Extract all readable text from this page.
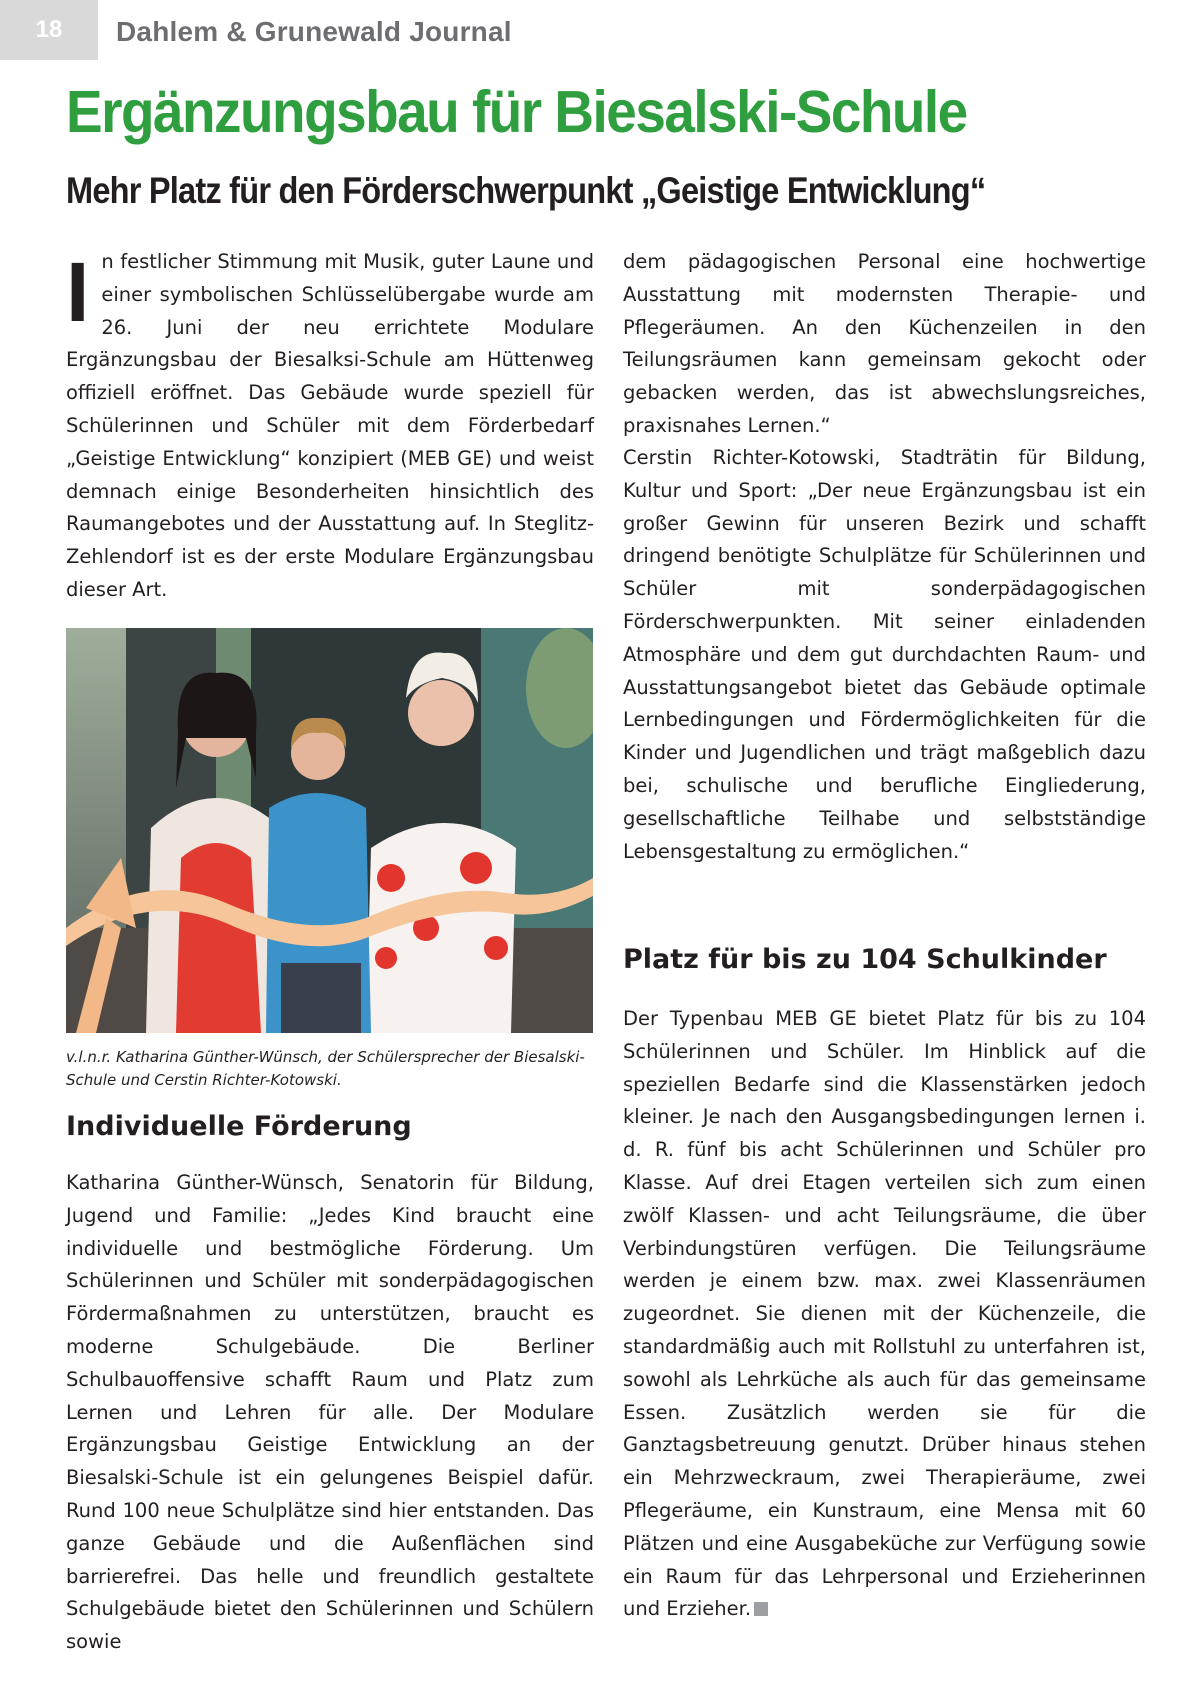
18	Dahlem & Grunewald Journal
Ergänzungsbau für Biesalski-Schule
Mehr Platz für den Förderschwerpunkt „Geistige Entwicklung“

In festlicher Stimmung mit Musik, guter Laune und einer symbolischen Schlüsselübergabe wurde am 26. Juni der neu errichtete Modulare Ergänzungsbau der Biesalksi-Schule am Hüttenweg offiziell eröffnet. Das Gebäude wurde speziell für Schülerinnen und Schüler mit dem Förderbedarf „Geistige Entwicklung“ konzipiert (MEB GE) und weist demnach einige Besonderheiten hinsichtlich des Raumangebotes und der Ausstattung auf. In Steglitz-Zehlendorf ist es der erste Modulare Ergänzungsbau dieser Art.

v.l.n.r. Katharina Günther-Wünsch, der Schülersprecher der Biesalski-Schule und Cerstin Richter-Kotowski.

Individuelle Förderung

Katharina Günther-Wünsch, Senatorin für Bildung, Jugend und Familie: „Jedes Kind braucht eine individuelle und bestmögliche Förderung. Um Schülerinnen und Schüler mit sonderpädagogischen Fördermaßnahmen zu unterstützen, braucht es moderne Schulgebäude. Die Berliner Schulbauoffensive schafft Raum und Platz zum Lernen und Lehren für alle. Der Modulare Ergänzungsbau Geistige Entwicklung an der Biesalski-Schule ist ein gelungenes Beispiel dafür. Rund 100 neue Schulplätze sind hier entstanden. Das ganze Gebäude und die Außenflächen sind barrierefrei. Das helle und freundlich gestaltete Schulgebäude bietet den Schülerinnen und Schülern sowie

dem pädagogischen Personal eine hochwertige Ausstattung mit modernsten Therapie- und Pflegeräumen. An den Küchenzeilen in den Teilungsräumen kann gemeinsam gekocht oder gebacken werden, das ist abwechslungsreiches, praxisnahes Lernen.“

Cerstin Richter-Kotowski, Stadträtin für Bildung, Kultur und Sport: „Der neue Ergänzungsbau ist ein großer Gewinn für unseren Bezirk und schafft dringend benötigte Schulplätze für Schülerinnen und Schüler mit sonderpädagogischen Förderschwerpunkten. Mit seiner einladenden Atmosphäre und dem gut durchdachten Raum- und Ausstattungsangebot bietet das Gebäude optimale Lernbedingungen und Fördermöglichkeiten für die Kinder und Jugendlichen und trägt maßgeblich dazu bei, schulische und berufliche Eingliederung, gesellschaftliche Teilhabe und selbstständige Lebensgestaltung zu ermöglichen.“

Platz für bis zu 104 Schulkinder

Der Typenbau MEB GE bietet Platz für bis zu 104 Schülerinnen und Schüler. Im Hinblick auf die speziellen Bedarfe sind die Klassenstärken jedoch kleiner. Je nach den Ausgangsbedingungen lernen i. d. R. fünf bis acht Schülerinnen und Schüler pro Klasse. Auf drei Etagen verteilen sich zum einen zwölf Klassen- und acht Teilungsräume, die über Verbindungstüren verfügen. Die Teilungsräume werden je einem bzw. max. zwei Klassenräumen zugeordnet. Sie dienen mit der Küchenzeile, die standardmäßig auch mit Rollstuhl zu unterfahren ist, sowohl als Lehrküche als auch für das gemeinsame Essen. Zusätzlich werden sie für die Ganztagsbetreuung genutzt. Drüber hinaus stehen ein Mehrzweckraum, zwei Therapieräume, zwei Pflegeräume, ein Kunstraum, eine Mensa mit 60 Plätzen und eine Ausgabeküche zur Verfügung sowie ein Raum für das Lehrpersonal und Erzieherinnen und Erzieher.
